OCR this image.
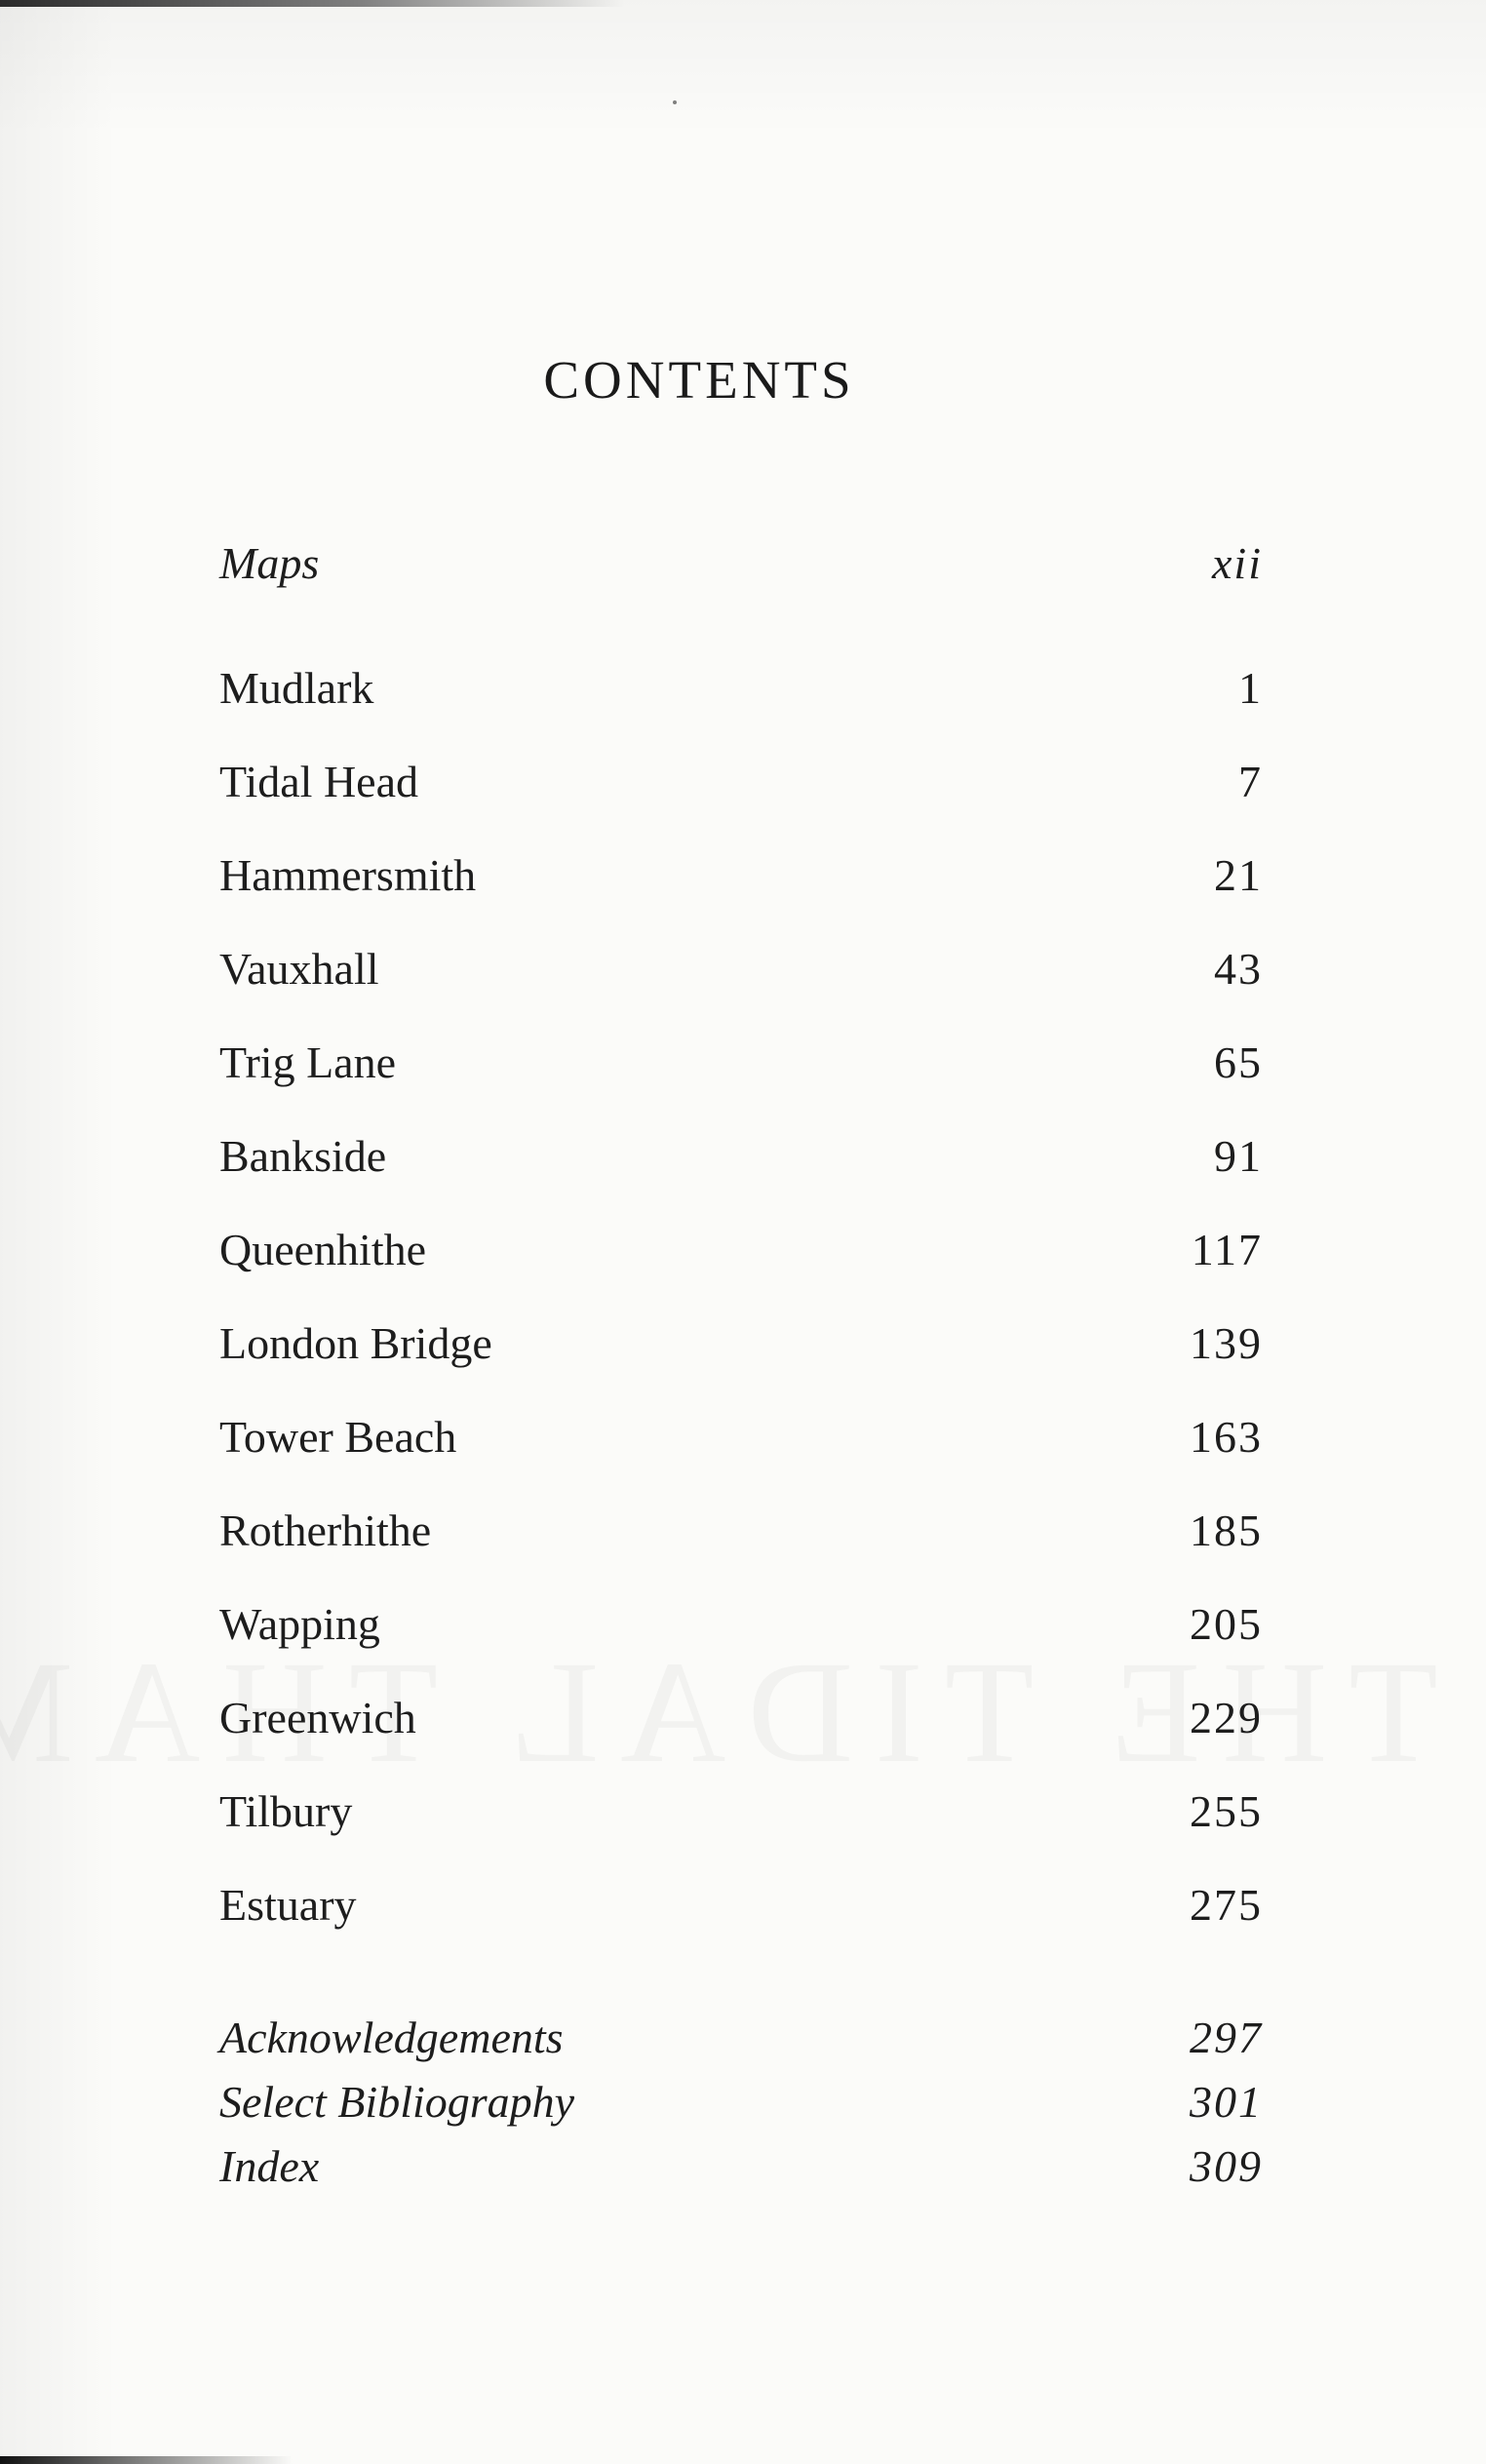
CONTENTS
Maps	xii
Mudlark	1
Tidal Head	7
Hammersmith	21
Vauxhall	43
Trig Lane	65
Bankside	91
Queenhithe	117
London Bridge	139
Tower Beach	163
Rotherhithe	185
Wapping	205
Greenwich	229
Tilbury	255
Estuary	275
Acknowledgements	297
Select Bibliography	301
Index	309
